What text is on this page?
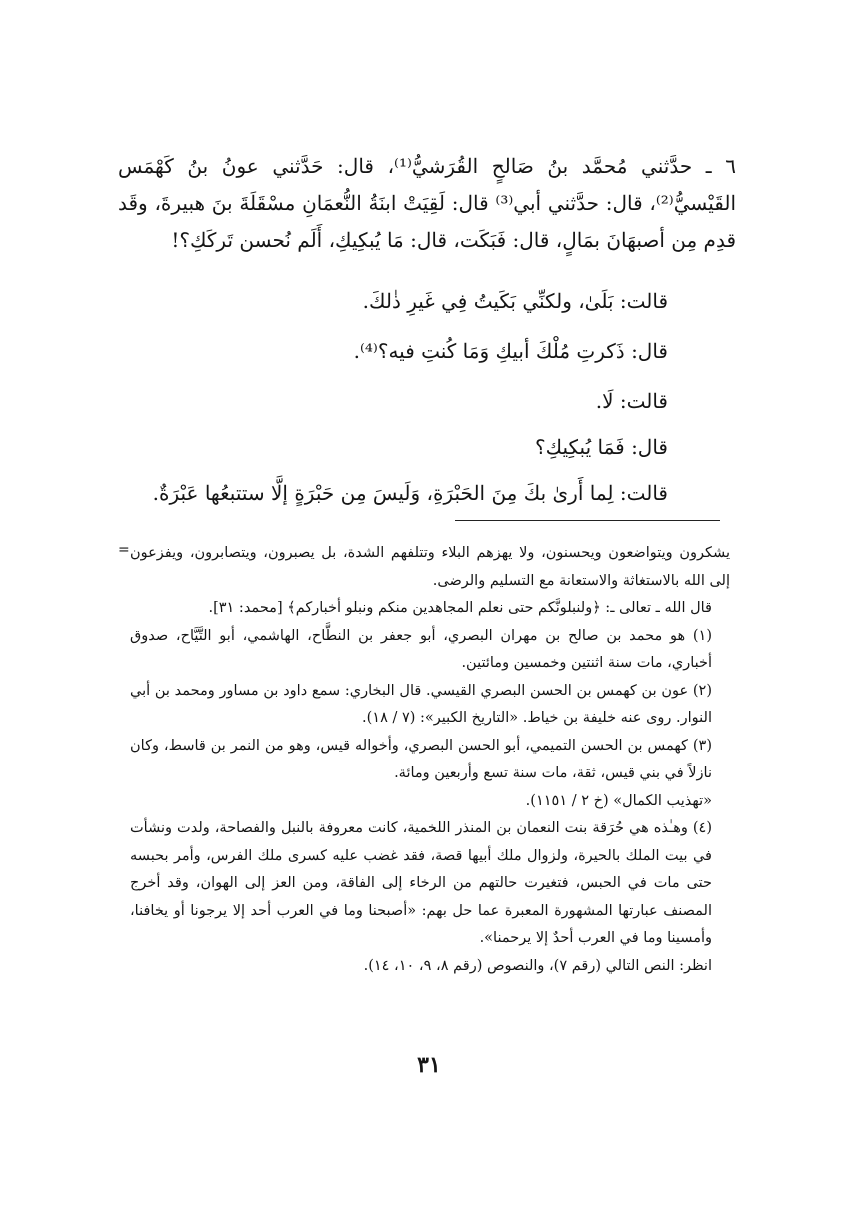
٦ ـ حدَّثني مُحمَّد بنُ صَالحٍ القُرَشيُّ⁽¹⁾، قال: حَدَّثني عونُ بنُ كَهْمَس القَيْسيُّ⁽²⁾، قال: حدَّثني أبي⁽³⁾ قال: لَقِيَتْ ابنَةُ النُّعمَانِ مسْقَلَةَ بنَ هبيرةَ، وقَد قدِم مِن أصبهَانَ بمَالٍ، قال: فَبَكَت، قال: مَا يُبكِيكِ، أَلَم نُحسن تَركَكِ؟!

قالت: بَلَىٰ، ولكنِّي بَكَيتُ فِي غَيرِ ذٰلكَ.
قال: ذَكرتِ مُلْكَ أبيكِ وَمَا كُنتِ فيه؟⁽⁴⁾.
قالت: لَا.
قال: فَمَا يُبكِيكِ؟
قالت: لِما أَرىٰ بكَ مِنَ الحَبْرَةِ، وَلَيسَ مِن حَبْرَةٍ إلَّا ستتبعُها عَبْرَةٌ.
= يشكرون ويتواضعون ويحسنون، ولا يهزهم البلاء وتتلفهم الشدة، بل يصبرون، ويتصابرون، ويفزعون إلى الله بالاستغاثة والاستعانة مع التسليم والرضى.

قال الله ـ تعالى ـ: ﴿ولنبلونَّكم حتى نعلم المجاهدين منكم ونبلو أخباركم﴾ [محمد: ٣١].

(١) هو محمد بن صالح بن مهران البصري، أبو جعفر بن النطَّاح، الهاشمي، أبو التَّيَّاح، صدوق أخباري، مات سنة اثنتين وخمسين ومائتين.

(٢) عون بن كهمس بن الحسن البصري القيسي. قال البخاري: سمع داود بن مساور ومحمد بن أبي النوار. روى عنه خليفة بن خياط. «التاريخ الكبير»: (٧ / ١٨).

(٣) كهمس بن الحسن التميمي، أبو الحسن البصري، وأخواله قيس، وهو من النمر بن قاسط، وكان نازلاً في بني قيس، ثقة، مات سنة تسع وأربعين ومائة.

«تهذيب الكمال» (خ ٢ / ١١٥١).

(٤) وهـٰذه هي حُرَقة بنت النعمان بن المنذر اللخمية، كانت معروفة بالنبل والفصاحة، ولدت ونشأت في بيت الملك بالحيرة، ولزوال ملك أبيها قصة، فقد غضب عليه كسرى ملك الفرس، وأمر بحبسه حتى مات في الحبس، فتغيرت حالتهم من الرخاء إلى الفاقة، ومن العز إلى الهوان، وقد أخرج المصنف عبارتها المشهورة المعبرة عما حل بهم: «أصبحنا وما في العرب أحد إلا يرجونا أو يخافنا، وأمسينا وما في العرب أحدٌ إلا يرحمنا».

انظر: النص التالي (رقم ٧)، والنصوص (رقم ٨، ٩، ١٠، ١٤).

٣١
